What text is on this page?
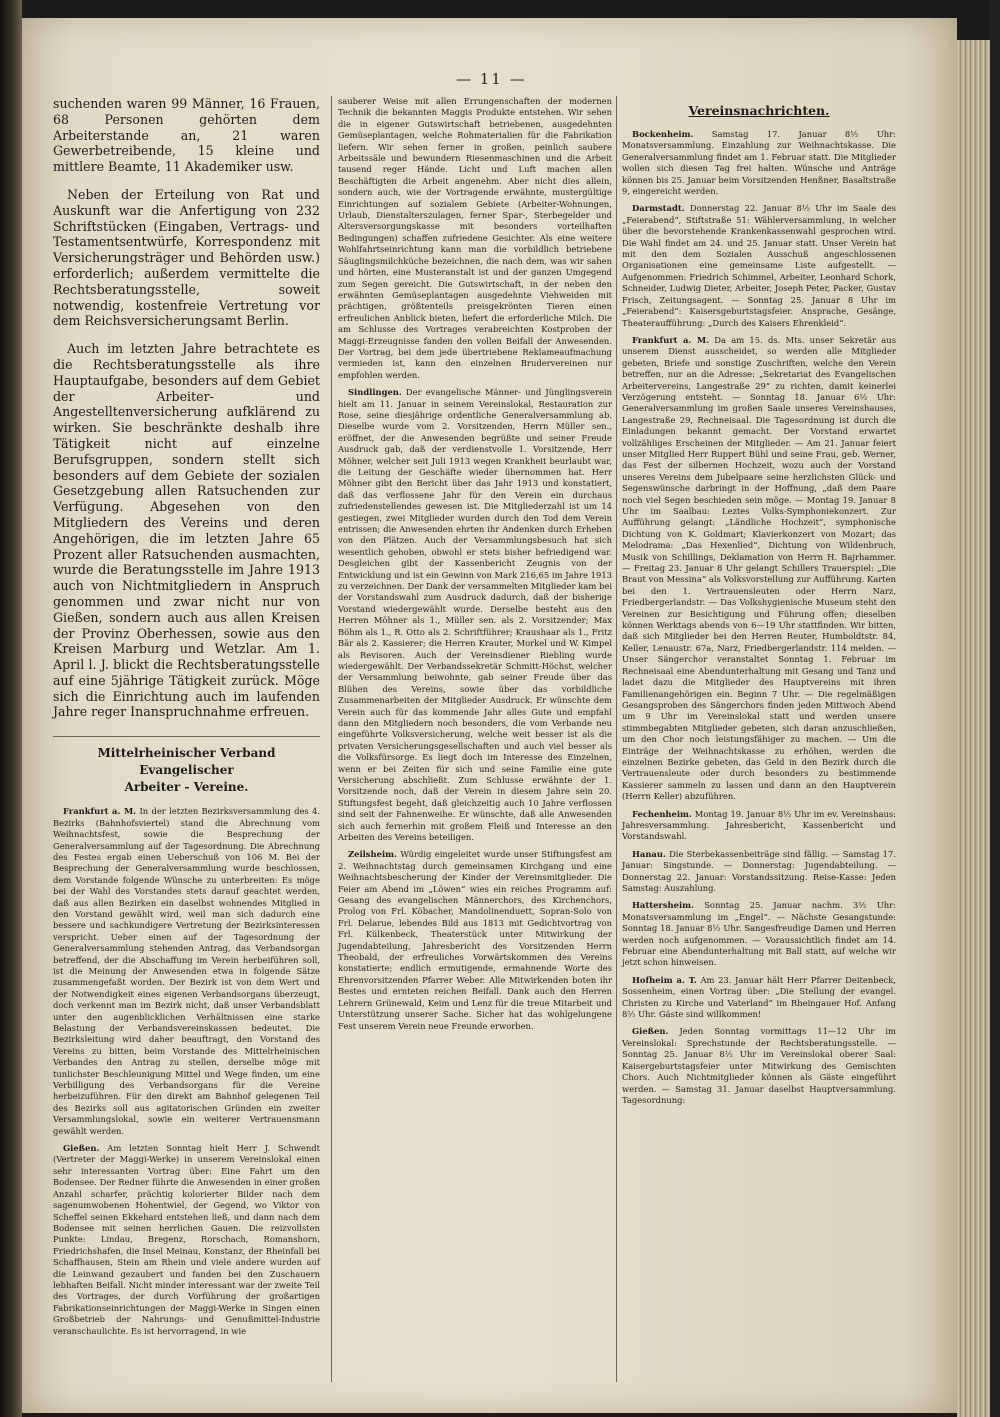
— 11 —

suchenden waren 99 Männer, 16 Frauen, 68 Personen gehörten dem Arbeiterstande an, 21 waren Gewerbetreibende, 15 kleine und mittlere Beamte, 11 Akademiker usw.

Neben der Erteilung von Rat und Auskunft war die Anfertigung von 232 Schriftstücken (Eingaben, Vertrags- und Testamentsentwürfe, Korrespondenz mit Versicherungsträger und Behörden usw.) erforderlich; außerdem vermittelte die Rechtsberatungsstelle, soweit notwendig, kostenfreie Vertretung vor dem Reichsversicherungsamt Berlin.

Auch im letzten Jahre betrachtete es die Rechtsberatungsstelle als ihre Hauptaufgabe, besonders auf dem Gebiet der Arbeiter- und Angestelltenversicherung aufklärend zu wirken. Sie beschränkte deshalb ihre Tätigkeit nicht auf einzelne Berufsgruppen, sondern stellt sich besonders auf dem Gebiete der sozialen Gesetzgebung allen Ratsuchenden zur Verfügung. Abgesehen von den Mitgliedern des Vereins und deren Angehörigen, die im letzten Jahre 65 Prozent aller Ratsuchenden ausmachten, wurde die Beratungsstelle im Jahre 1913 auch von Nichtmitgliedern in Anspruch genommen und zwar nicht nur von Gießen, sondern auch aus allen Kreisen der Provinz Oberhessen, sowie aus den Kreisen Marburg und Wetzlar. Am 1. April l. J. blickt die Rechtsberatungsstelle auf eine 5jährige Tätigkeit zurück. Möge sich die Einrichtung auch im laufenden Jahre reger Inanspruchnahme erfreuen.

Mittelrheinischer Verband Evangelischer
Arbeiter - Vereine.

Frankfurt a. M. In der letzten Bezirksversammlung des 4. Bezirks (Bahnhofsviertel) stand die Abrechnung vom Weihnachtsfest, sowie die Besprechung der Generalversammlung auf der Tagesordnung. Die Abrechnung des Festes ergab einen Ueberschuß von 106 M. Bei der Besprechung der Generalversammlung wurde beschlossen, dem Vorstande folgende Wünsche zu unterbreiten: Es möge bei der Wahl des Vorstandes stets darauf geachtet werden, daß aus allen Bezirken ein daselbst wohnendes Mitglied in den Vorstand gewählt wird, weil man sich dadurch eine bessere und sachkundigere Vertretung der Bezirksinteressen verspricht. Ueber einen auf der Tagesordnung der Generalversammlung stehenden Antrag, das Verbandsorgan betreffend, der die Abschaffung im Verein herbeiführen soll, ist die Meinung der Anwesenden etwa in folgende Sätze zusammengefaßt worden. Der Bezirk ist von dem Wert und der Notwendigkeit eines eigenen Verbandsorgans überzeugt, doch verkennt man im Bezirk nicht, daß unser Verbandsblatt unter den augenblicklichen Verhältnissen eine starke Belastung der Verbandsvereinskassen bedeutet. Die Bezirksleitung wird daher beauftragt, den Vorstand des Vereins zu bitten, beim Vorstande des Mittelrheinischen Verbandes den Antrag zu stellen, derselbe möge mit tunlichster Beschleunigung Mittel und Wege finden, um eine Verbilligung des Verbandsorgans für die Vereine herbeizuführen. Für den direkt am Bahnhof gelegenen Teil des Bezirks soll aus agitatorischen Gründen ein zweiter Versammlungslokal, sowie ein weiterer Vertrauensmann gewählt werden.

Gießen. Am letzten Sonntag hielt Herr J. Schwendt (Vertreter der Maggi-Werke) in unserem Vereinslokal einen sehr interessanten Vortrag über: Eine Fahrt um den Bodensee. Der Redner führte die Anwesenden in einer großen Anzahl scharfer, prächtig kolorierter Bilder nach dem sagenumwobenen Hohentwiel, der Gegend, wo Viktor von Scheffel seinen Ekkehard entstehen ließ, und dann nach dem Bodensee mit seinen herrlichen Gauen. Die reizvollsten Punkte: Lindau, Bregenz, Rorschach, Romanshorn, Friedrichshafen, die Insel Meinau, Konstanz, der Rheinfall bei Schaffhausen, Stein am Rhein und viele andere wurden auf die Leinwand gezaubert und fanden bei den Zuschauern lebhaften Beifall. Nicht minder interessant war der zweite Teil des Vortrages, der durch Vorführung der großartigen Fabrikationseinrichtungen der Maggi-Werke in Singen einen Großbetrieb der Nahrungs- und Genußmittel-Industrie veranschaulichte. Es ist hervorragend, in wie

sauberer Weise mit allen Errungenschaften der modernen Technik die bekannten Maggis Produkte entstehen. Wir sehen die in eigener Gutswirtschaft betriebenen, ausgedehnten Gemüseplantagen, welche Rohmaterialien für die Fabrikation liefern. Wir sehen ferner in großen, peinlich saubere Arbeitssäle und bewundern Riesenmaschinen und die Arbeit tausend reger Hände. Licht und Luft machen allen Beschäftigten die Arbeit angenehm. Aber nicht dies allein, sondern auch, wie der Vortragende erwähnte, mustergültige Einrichtungen auf sozialem Gebiete (Arbeiter-Wohnungen, Urlaub, Dienstalterszulagen, ferner Spar-, Sterbegelder und Altersversorgungskasse mit besonders vorteilhaften Bedingungen) schaffen zufriedene Gesichter. Als eine weitere Wohlfahrtseinrichtung kann man die vorbildlich betriebene Säuglingsmilchküche bezeichnen, die nach dem, was wir sahen und hörten, eine Musteranstalt ist und der ganzen Umgegend zum Segen gereicht. Die Gutswirtschaft, in der neben den erwähnten Gemüseplantagen ausgedehnte Viehweiden mit prächtigen, größtenteils preisgekrönten Tieren einen erfreulichen Anblick bieten, liefert die erforderliche Milch. Die am Schlusse des Vortrages verabreichten Kostproben der Maggi-Erzeugnisse fanden den vollen Beifall der Anwesenden. Der Vortrag, bei dem jede übertriebene Reklameaufmachung vermieden ist, kann den einzelnen Brudervereinen nur empfohlen werden.

Sindlingen. Der evangelische Männer- und Jünglingsverein hielt am 11. Januar in seinem Vereinslokal, Restauration zur Rose, seine diesjährige ordentliche Generalversammlung ab. Dieselbe wurde vom 2. Vorsitzenden, Herrn Müller sen., eröffnet, der die Anwesenden begrüßte und seiner Freude Ausdruck gab, daß der verdienstvolle 1. Vorsitzende, Herr Möhner, welcher seit Juli 1913 wegen Krankheit beurlaubt war, die Leitung der Geschäfte wieder übernommen hat. Herr Möhner gibt den Bericht über das Jahr 1913 und konstatiert, daß das verflossene Jahr für den Verein ein durchaus zufriedenstellendes gewesen ist. Die Mitgliederzahl ist um 14 gestiegen, zwei Mitglieder wurden durch den Tod dem Verein entrissen; die Anwesenden ehrten ihr Andenken durch Erheben von den Plätzen. Auch der Versammlungsbesuch hat sich wesentlich gehoben, obwohl er stets bisher befriedigend war. Desgleichen gibt der Kassenbericht Zeugnis von der Entwicklung und ist ein Gewinn von Mark 216,65 im Jahre 1913 zu verzeichnen. Der Dank der versammelten Mitglieder kam bei der Vorstandswahl zum Ausdruck dadurch, daß der bisherige Vorstand wiedergewählt wurde. Derselbe besteht aus den Herren Möhner als 1., Müller sen. als 2. Vorsitzender; Max Böhm als 1., R. Otto als 2. Schriftführer; Kraushaar als 1., Fritz Bär als 2. Kassierer; die Herren Krauter, Morkel und W. Kimpel als Revisoren. Auch der Vereinsdiener Riebling wurde wiedergewählt. Der Verbandssekretär Schmitt-Höchst, welcher der Versammlung beiwohnte, gab seiner Freude über das Blühen des Vereins, sowie über das vorbildliche Zusammenarbeiten der Mitglieder Ausdruck. Er wünschte dem Verein auch für das kommende Jahr alles Gute und empfahl dann den Mitgliedern noch besonders, die vom Verbande neu eingeführte Volksversicherung, welche weit besser ist als die privaten Versicherungsgesellschaften und auch viel besser als die Volksfürsorge. Es liegt doch im Interesse des Einzelnen, wenn er bei Zeiten für sich und seine Familie eine gute Versicherung abschließt. Zum Schlusse erwähnte der 1. Vorsitzende noch, daß der Verein in diesem Jahre sein 20. Stiftungsfest begeht, daß gleichzeitig auch 10 Jahre verflossen sind seit der Fahnenweihe. Er wünschte, daß alle Anwesenden sich auch fernerhin mit großem Fleiß und Interesse an den Arbeiten des Vereins beteiligen.

Zeilsheim. Würdig eingeleitet wurde unser Stiftungsfest am 2. Weihnachtstag durch gemeinsamen Kirchgang und eine Weihnachtsbescherung der Kinder der Vereinsmitglieder. Die Feier am Abend im „Löwen“ wies ein reiches Programm auf: Gesang des evangelischen Männerchors, des Kirchenchors, Prolog von Frl. Köbacher, Mandolinenduett, Sopran-Solo von Frl. Delarue, lebendes Bild aus 1813 mit Gedichtvortrag von Frl. Külkenbeck, Theaterstück unter Mitwirkung der Jugendabteilung, Jahresbericht des Vorsitzenden Herrn Theobald, der erfreuliches Vorwärtskommen des Vereins konstatierte; endlich ermutigende, ermahnende Worte des Ehrenvorsitzenden Pfarrer Weber. Alle Mitwirkenden boten ihr Bestes und ernteten reichen Beifall. Dank auch den Herren Lehrern Grünewald, Keim und Lenz für die treue Mitarbeit und Unterstützung unserer Sache. Sicher hat das wohlgelungene Fest unserem Verein neue Freunde erworben.

Vereinsnachrichten.

Bockenheim. Samstag 17. Januar 8½ Uhr: Monatsversammlung. Einzahlung zur Weihnachtskasse. Die Generalversammlung findet am 1. Februar statt. Die Mitglieder wollen sich diesen Tag frei halten. Wünsche und Anträge können bis 25. Januar beim Vorsitzenden Henßner, Basaltstraße 9, eingereicht werden.

Darmstadt. Donnerstag 22. Januar 8½ Uhr im Saale des „Feierabend“, Stiftstraße 51: Wählerversammlung, in welcher über die bevorstehende Krankenkassenwahl gesprochen wird. Die Wahl findet am 24. und 25. Januar statt. Unser Verein hat mit den dem Sozialen Ausschuß angeschlossenen Organisationen eine gemeinsame Liste aufgestellt. — Aufgenommen: Friedrich Schimmel, Arbeiter, Leonhard Schork, Schneider, Ludwig Dieter, Arbeiter, Joseph Peter, Packer, Gustav Frisch, Zeitungsagent. — Sonntag 25. Januar 8 Uhr im „Feierabend“: Kaisersgeburtstagsfeier. Ansprache, Gesänge, Theateraufführung: „Durch des Kaisers Ehrenkleid“.

Frankfurt a. M. Da am 15. ds. Mts. unser Sekretär aus unserem Dienst ausscheidet, so werden alle Mitglieder gebeten, Briefe und sonstige Zuschriften, welche den Verein betreffen, nur an die Adresse: „Sekretariat des Evangelischen Arbeitervereins, Langestraße 29“ zu richten, damit keinerlei Verzögerung entsteht. — Sonntag 18. Januar 6½ Uhr: Generalversammlung im großen Saale unseres Vereinshauses, Langestraße 29, Rechneisaal. Die Tagesordnung ist durch die Einladungen bekannt gemacht. Der Vorstand erwartet vollzähliges Erscheinen der Mitglieder. — Am 21. Januar feiert unser Mitglied Herr Ruppert Bühl und seine Frau, geb. Werner, das Fest der silbernen Hochzeit, wozu auch der Vorstand unseres Vereins dem Jubelpaare seine herzlichsten Glück- und Segenswünsche darbringt in der Hoffnung, „daß dem Paare noch viel Segen beschieden sein möge. — Montag 19. Januar 8 Uhr im Saalbau: Leztes Volks-Symphoniekonzert. Zur Aufführung gelangt: „Ländliche Hochzeit“, symphonische Dichtung von K. Goldmart; Klavierkonzert von Mozart; das Melodrama: „Das Hexenlied“, Dichtung von Wildenbruch, Musik von Schillings, Deklamation von Herrn H. Bajrhammer. — Freitag 23. Januar 8 Uhr gelangt Schillers Trauerspiel: „Die Braut von Messina“ als Volksvorstellung zur Aufführung. Karten bei den 1. Vertrauensleuten oder Herrn Narz, Friedbergerlandstr. — Das Volkshygienische Museum steht den Vereinen zur Besichtigung und Führung offen; dieselben können Werktags abends von 6—19 Uhr stattfinden. Wir bitten, daß sich Mitglieder bei den Herren Reuter, Humboldtstr. 84, Keller, Lenaustr. 67a, Narz, Friedbergerlandstr. 114 melden. — Unser Sängerchor veranstaltet Sonntag 1. Februar im Rechneisaal eine Abendunterhaltung mit Gesang und Tanz und ladet dazu die Mitglieder des Hauptvereins mit ihren Familienangehörigen ein. Beginn 7 Uhr. — Die regelmäßigen Gesangsproben des Sängerchors finden jeden Mittwoch Abend um 9 Uhr im Vereinslokal statt und werden unsere stimmbegabten Mitglieder gebeten, sich daran anzuschließen, um den Chor noch leistungsfähiger zu machen. — Um die Einträge der Weihnachtskasse zu erhöhen, werden die einzelnen Bezirke gebeten, das Geld in den Bezirk durch die Vertrauensleute oder durch besonders zu bestimmende Kassierer sammeln zu lassen und dann an den Hauptverein (Herrn Keller) abzuführen.

Fechenheim. Montag 19. Januar 8½ Uhr im ev. Vereinshaus: Jahresversammlung. Jahresbericht, Kassenbericht und Vorstandswahl.

Hanau. Die Sterbekassenbeiträge sind fällig. — Samstag 17. Januar: Singstunde. — Donnerstag: Jugendabteilung. — Donnerstag 22. Januar: Vorstandssitzung. Reise-Kasse: Jeden Samstag: Auszahlung.

Hattersheim. Sonntag 25. Januar nachm. 3½ Uhr: Monatsversammlung im „Engel“. — Nächste Gesangstunde: Sonntag 18. Januar 8½ Uhr. Sangesfreudige Damen und Herren werden noch aufgenommen. — Voraussichtlich findet am 14. Februar eine Abendunterhaltung mit Ball statt, auf welche wir jetzt schon hinweisen.

Hofheim a. T. Am 23. Januar hält Herr Pfarrer Deitenbeck, Sossenheim, einen Vortrag über: „Die Stellung der evangel. Christen zu Kirche und Vaterland“ im Rheingauer Hof. Anfang 8½ Uhr. Gäste sind willkommen!

Gießen. Jeden Sonntag vormittags 11—12 Uhr im Vereinslokal: Sprechstunde der Rechtsberatungsstelle. — Sonntag 25. Januar 8½ Uhr im Vereinslokal oberer Saal: Kaisergeburtstagsfeier unter Mitwirkung des Gemischten Chors. Auch Nichtmitglieder können als Gäste eingeführt werden. — Samstag 31. Januar daselbst Hauptversammlung. Tagesordnung:
